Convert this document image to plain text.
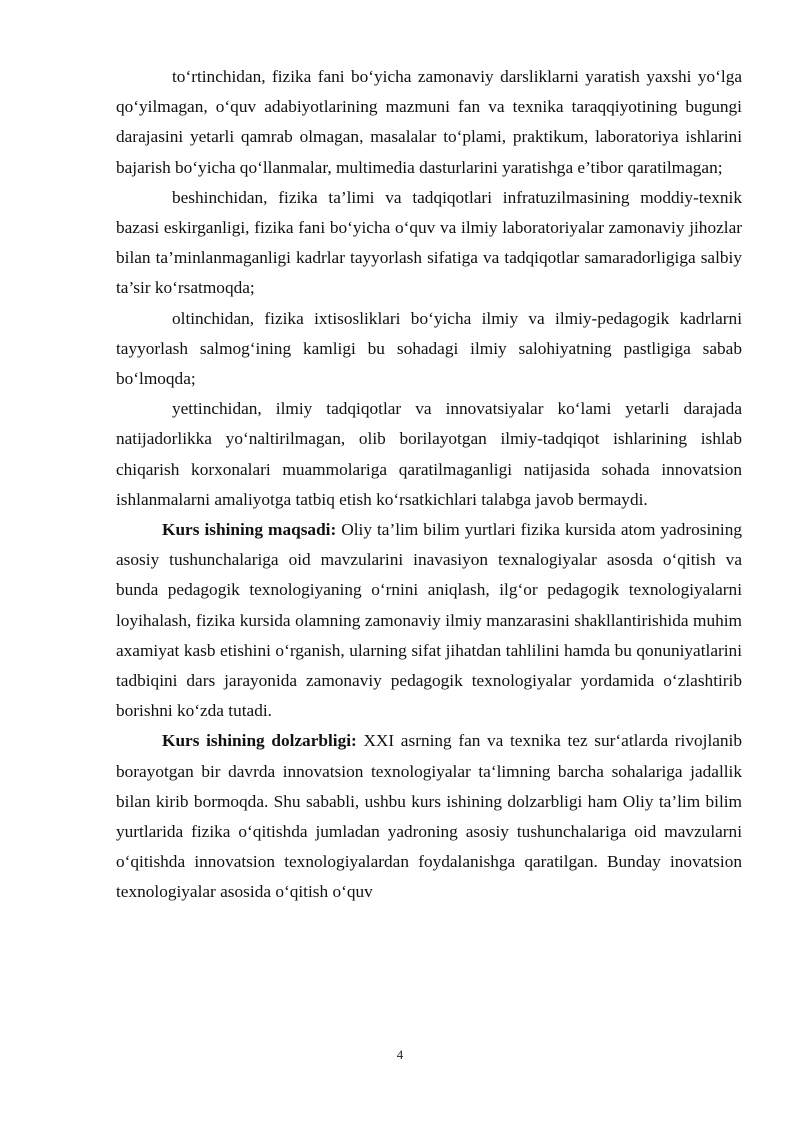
to‘rtinchidan, fizika fani bo‘yicha zamonaviy darsliklarni yaratish yaxshi yo‘lga qo‘yilmagan, o‘quv adabiyotlarining mazmuni fan va texnika taraqqiyotining bugungi darajasini yetarli qamrab olmagan, masalalar to‘plami, praktikum, laboratoriya ishlarini bajarish bo‘yicha qo‘llanmalar, multimedia dasturlarini yaratishga e’tibor qaratilmagan;

beshinchidan, fizika ta’limi va tadqiqotlari infratuzilmasining moddiy-texnik bazasi eskirganligi, fizika fani bo‘yicha o‘quv va ilmiy laboratoriyalar zamonaviy jihozlar bilan ta’minlanmaganligi kadrlar tayyorlash sifatiga va tadqiqotlar samaradorligiga salbiy ta’sir ko‘rsatmoqda;

oltinchidan, fizika ixtisosliklari bo‘yicha ilmiy va ilmiy-pedagogik kadrlarni tayyorlash salmog‘ining kamligi bu sohadagi ilmiy salohiyatning pastligiga sabab bo‘lmoqda;

yettinchidan, ilmiy tadqiqotlar va innovatsiyalar ko‘lami yetarli darajada natijadorlikka yo‘naltirilmagan, olib borilayotgan ilmiy-tadqiqot ishlarining ishlab chiqarish korxonalari muammolariga qaratilmaganligi natijasida sohada innovatsion ishlanmalarni amaliyotga tatbiq etish ko‘rsatkichlari talabga javob bermaydi.

Kurs ishining maqsadi: Oliy ta’lim bilim yurtlari fizika kursida atom yadrosining asosiy tushunchalariga oid mavzularini inavasiyon texnalogiyalar asosda o‘qitish va bunda pedagogik texnologiyaning o‘rnini aniqlash, ilg‘or pedagogik texnologiyalarni loyihalash, fizika kursida olamning zamonaviy ilmiy manzarasini shakllantirishida muhim axamiyat kasb etishini o‘rganish, ularning sifat jihatdan tahlilini hamda bu qonuniyatlarini tadbiqini dars jarayonida zamonaviy pedagogik texnologiyalar yordamida o‘zlashtirib borishni ko‘zda tutadi.

Kurs ishining dolzarbligi: XXI asrning fan va texnika tez sur‘atlarda rivojlanib borayotgan bir davrda innovatsion texnologiyalar ta‘limning barcha sohalariga jadallik bilan kirib bormoqda. Shu sababli, ushbu kurs ishining dolzarbligi ham Oliy ta’lim bilim yurtlarida fizika o‘qitishda jumladan yadroning asosiy tushunchalariga oid mavzularni o‘qitishda innovatsion texnologiyalardan foydalanishga qaratilgan. Bunday inovatsion texnologiyalar asosida o‘qitish o‘quv

4
